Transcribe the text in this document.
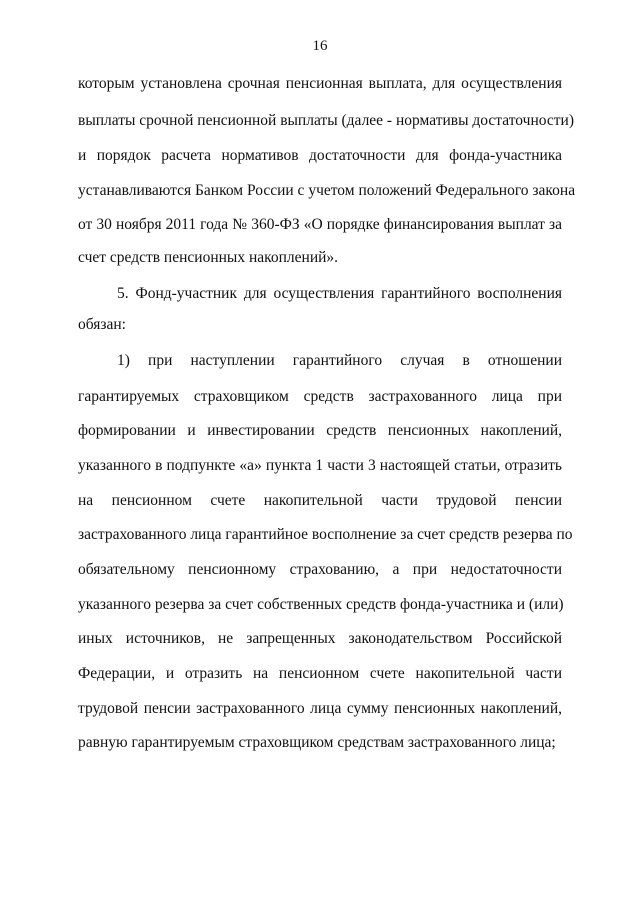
16
которым установлена срочная пенсионная выплата, для осуществления
выплаты срочной пенсионной выплаты (далее - нормативы достаточности)
и порядок расчета нормативов достаточности для фонда-участника
устанавливаются Банком России с учетом положений Федерального закона
от 30 ноября 2011 года № 360-ФЗ «О порядке финансирования выплат за
счет средств пенсионных накоплений».
5. Фонд-участник для осуществления гарантийного восполнения
обязан:
1) при наступлении гарантийного случая в отношении
гарантируемых страховщиком средств застрахованного лица при
формировании и инвестировании средств пенсионных накоплений,
указанного в подпункте «а» пункта 1 части 3 настоящей статьи, отразить
на пенсионном счете накопительной части трудовой пенсии
застрахованного лица гарантийное восполнение за счет средств резерва по
обязательному пенсионному страхованию, а при недостаточности
указанного резерва за счет собственных средств фонда-участника и (или)
иных источников, не запрещенных законодательством Российской
Федерации, и отразить на пенсионном счете накопительной части
трудовой пенсии застрахованного лица сумму пенсионных накоплений,
равную гарантируемым страховщиком средствам застрахованного лица;
